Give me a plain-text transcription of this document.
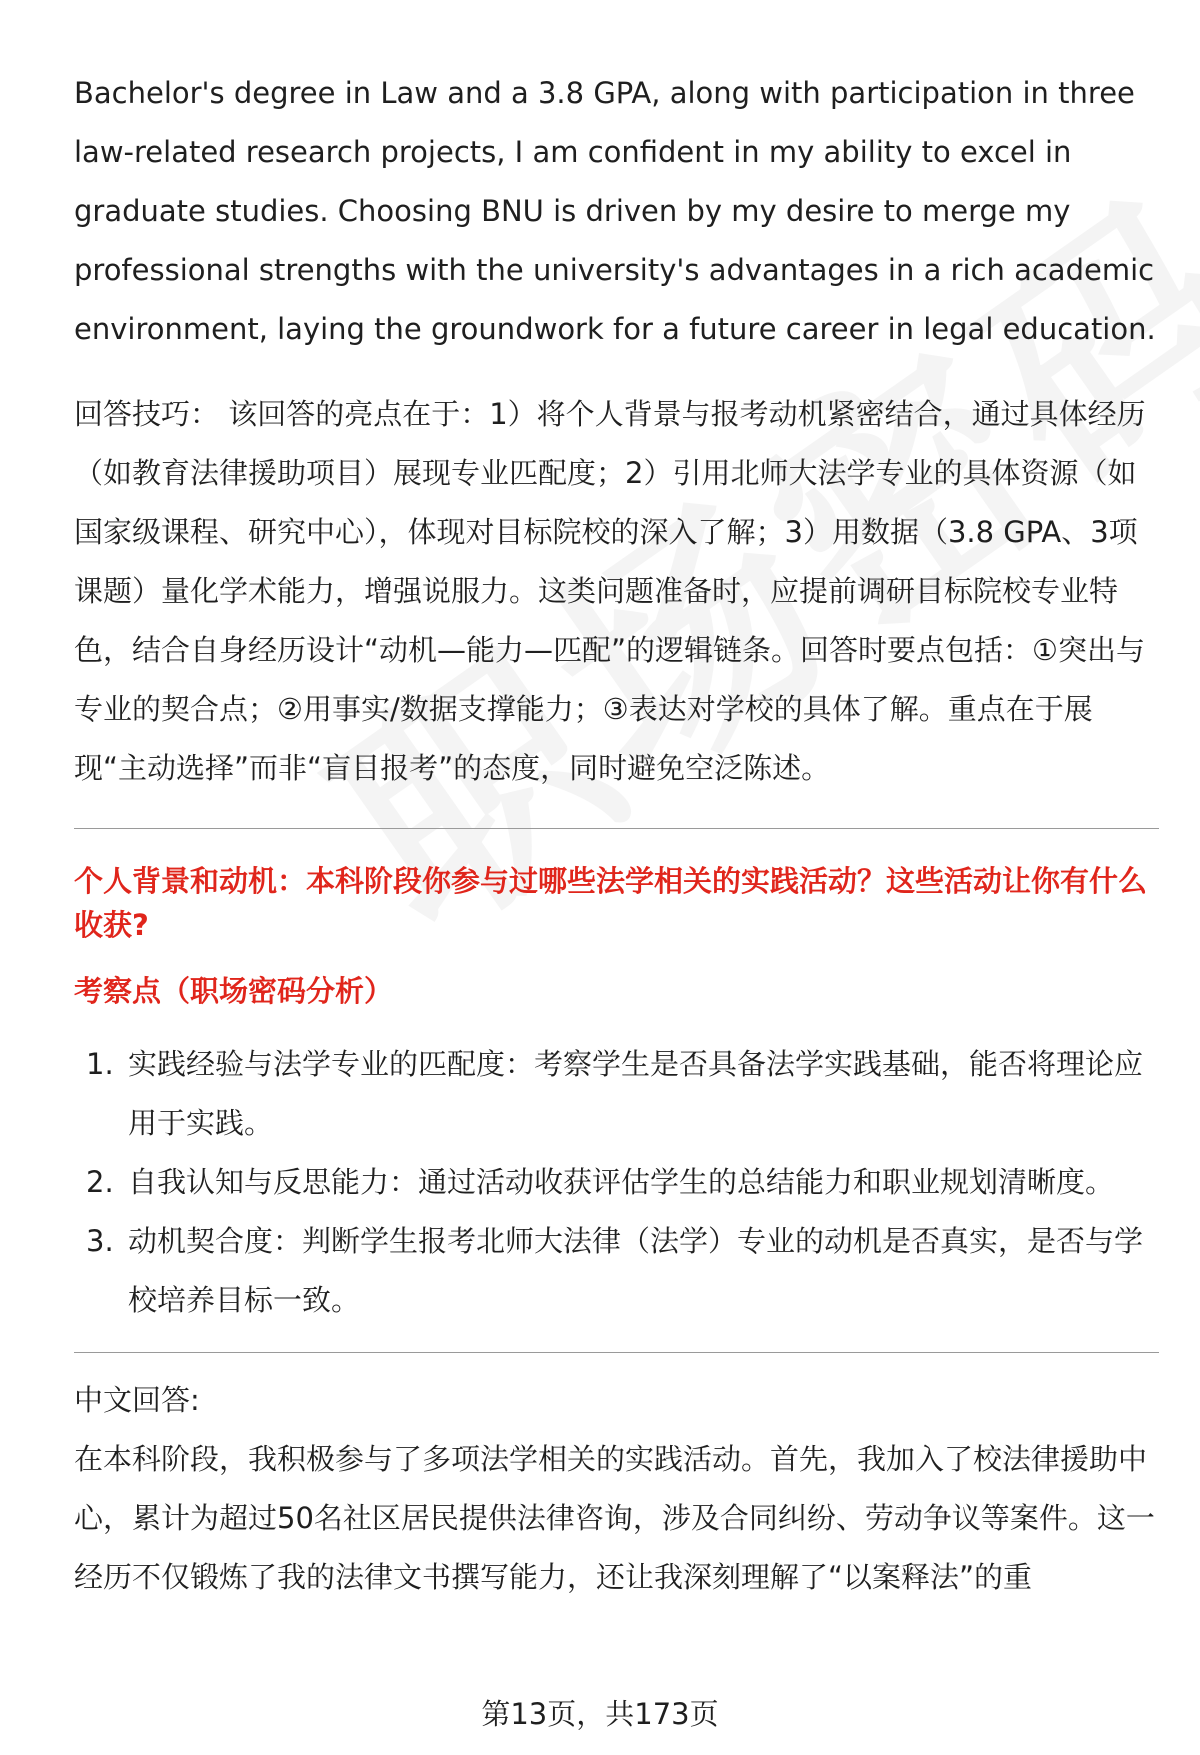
Bachelor's degree in Law and a 3.8 GPA, along with participation in three law-related research projects, I am confident in my ability to excel in graduate studies. Choosing BNU is driven by my desire to merge my professional strengths with the university's advantages in a rich academic environment, laying the groundwork for a future career in legal education.

回答技巧： 该回答的亮点在于：1）将个人背景与报考动机紧密结合，通过具体经历（如教育法律援助项目）展现专业匹配度；2）引用北师大法学专业的具体资源（如国家级课程、研究中心），体现对目标院校的深入了解；3）用数据（3.8 GPA、3项课题）量化学术能力，增强说服力。这类问题准备时，应提前调研目标院校专业特色，结合自身经历设计“动机—能力—匹配”的逻辑链条。回答时要点包括：①突出与专业的契合点；②用事实/数据支撑能力；③表达对学校的具体了解。重点在于展现“主动选择”而非“盲目报考”的态度，同时避免空泛陈述。

个人背景和动机：本科阶段你参与过哪些法学相关的实践活动？这些活动让你有什么收获?

考察点（职场密码分析）

1. 实践经验与法学专业的匹配度：考察学生是否具备法学实践基础，能否将理论应用于实践。
2. 自我认知与反思能力：通过活动收获评估学生的总结能力和职业规划清晰度。
3. 动机契合度：判断学生报考北师大法律（法学）专业的动机是否真实，是否与学校培养目标一致。

中文回答:

在本科阶段，我积极参与了多项法学相关的实践活动。首先，我加入了校法律援助中心，累计为超过50名社区居民提供法律咨询，涉及合同纠纷、劳动争议等案件。这一经历不仅锻炼了我的法律文书撰写能力，还让我深刻理解了“以案释法”的重

第13页，共173页
